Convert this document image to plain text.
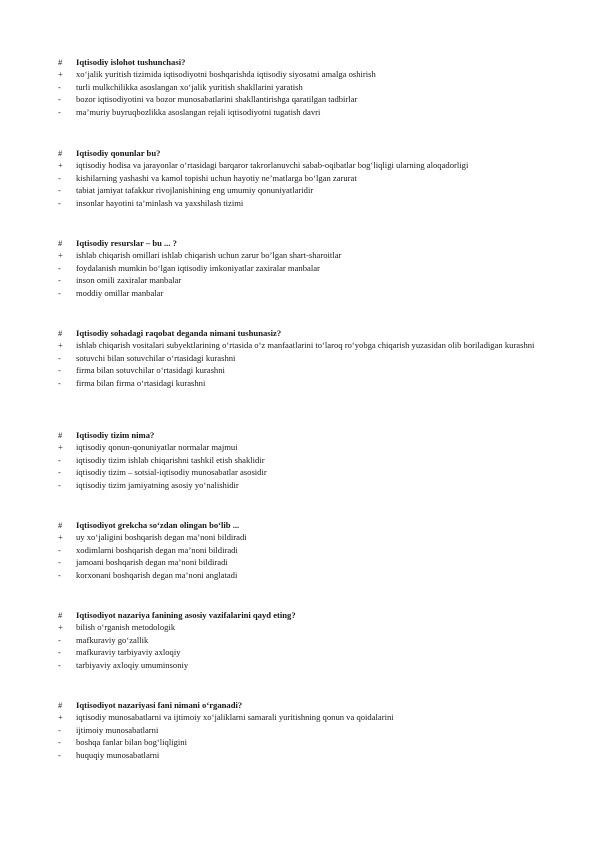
#	Iqtisodiy islohot tushunchasi?
+	xo‘jalik yuritish tizimida iqtisodiyotni boshqarishda iqtisodiy siyosatni amalga oshirish
-	turli mulkchilikka asoslangan xo‘jalik yuritish shakllarini yaratish
-	bozor iqtisodiyotini va bozor munosabatlarini shakllantirishga qaratilgan tadbirlar
-	ma’muriy buyruqbozlikka asoslangan rejali iqtisodiyotni tugatish davri
#	Iqtisodiy qonunlar bu?
+	iqtisodiy hodisa va jarayonlar o‘rtasidagi barqaror takrorlanuvchi sabab-oqibatlar bog‘liqligi ularning aloqadorligi
-	kishilarning yashashi va kamol topishi uchun hayotiy ne’matlarga bo‘lgan zarurat
-	tabiat jamiyat tafakkur rivojlanishining eng umumiy qonuniyatlaridir
-	insonlar hayotini ta’minlash va yaxshilash tizimi
#	Iqtisodiy resurslar – bu ... ?
+	ishlab chiqarish omillari ishlab chiqarish uchun zarur bo’lgan shart-sharoitlar
-	foydalanish mumkin bo‘lgan iqtisodiy imkoniyatlar zaxiralar manbalar
-	inson omili zaxiralar manbalar
-	moddiy omillar manbalar
#	Iqtisodiy sohadagi raqobat deganda nimani tushunasiz?
+	ishlab chiqarish vositalari subyektlarining o‘rtasida o‘z manfaatlarini to‘laroq ro‘yobga chiqarish yuzasidan olib boriladigan kurashni
-	sotuvchi bilan sotuvchilar o‘rtasidagi kurashni
-	firma bilan sotuvchilar o‘rtasidagi kurashni
-	firma bilan firma o‘rtasidagi kurashni
#	Iqtisodiy tizim nima?
+	iqtisodiy qonun-qonuniyatlar normalar majmui
-	iqtisodiy tizim ishlab chiqarishni tashkil etish shaklidir
-	iqtisodiy tizim – sotsial-iqtisodiy munosabatlar asosidir
-	iqtisodiy tizim jamiyatning asosiy yo‘nalishidir
#	Iqtisodiyot grekcha so‘zdan olingan bo‘lib ...
+	uy xo‘jaligini boshqarish degan ma’noni bildiradi
-	xodimlarni boshqarish degan ma’noni bildiradi
-	jamoani boshqarish degan ma’noni bildiradi
-	korxonani boshqarish degan ma’noni anglatadi
#	Iqtisodiyot nazariya fanining asosiy vazifalarini qayd eting?
+	bilish o‘rganish metodologik
-	mafkuraviy go‘zallik
-	mafkuraviy tarbiyaviy axloqiy
-	tarbiyaviy axloqiy umuminsoniy
#	Iqtisodiyot nazariyasi fani nimani o‘rganadi?
+	iqtisodiy munosabatlarni va ijtimoiy xo‘jaliklarni samarali yuritishning qonun va qoidalarini
-	ijtimoiy munosabatlarni
-	boshqa fanlar bilan bog‘liqligini
-	huquqiy munosabatlarni
